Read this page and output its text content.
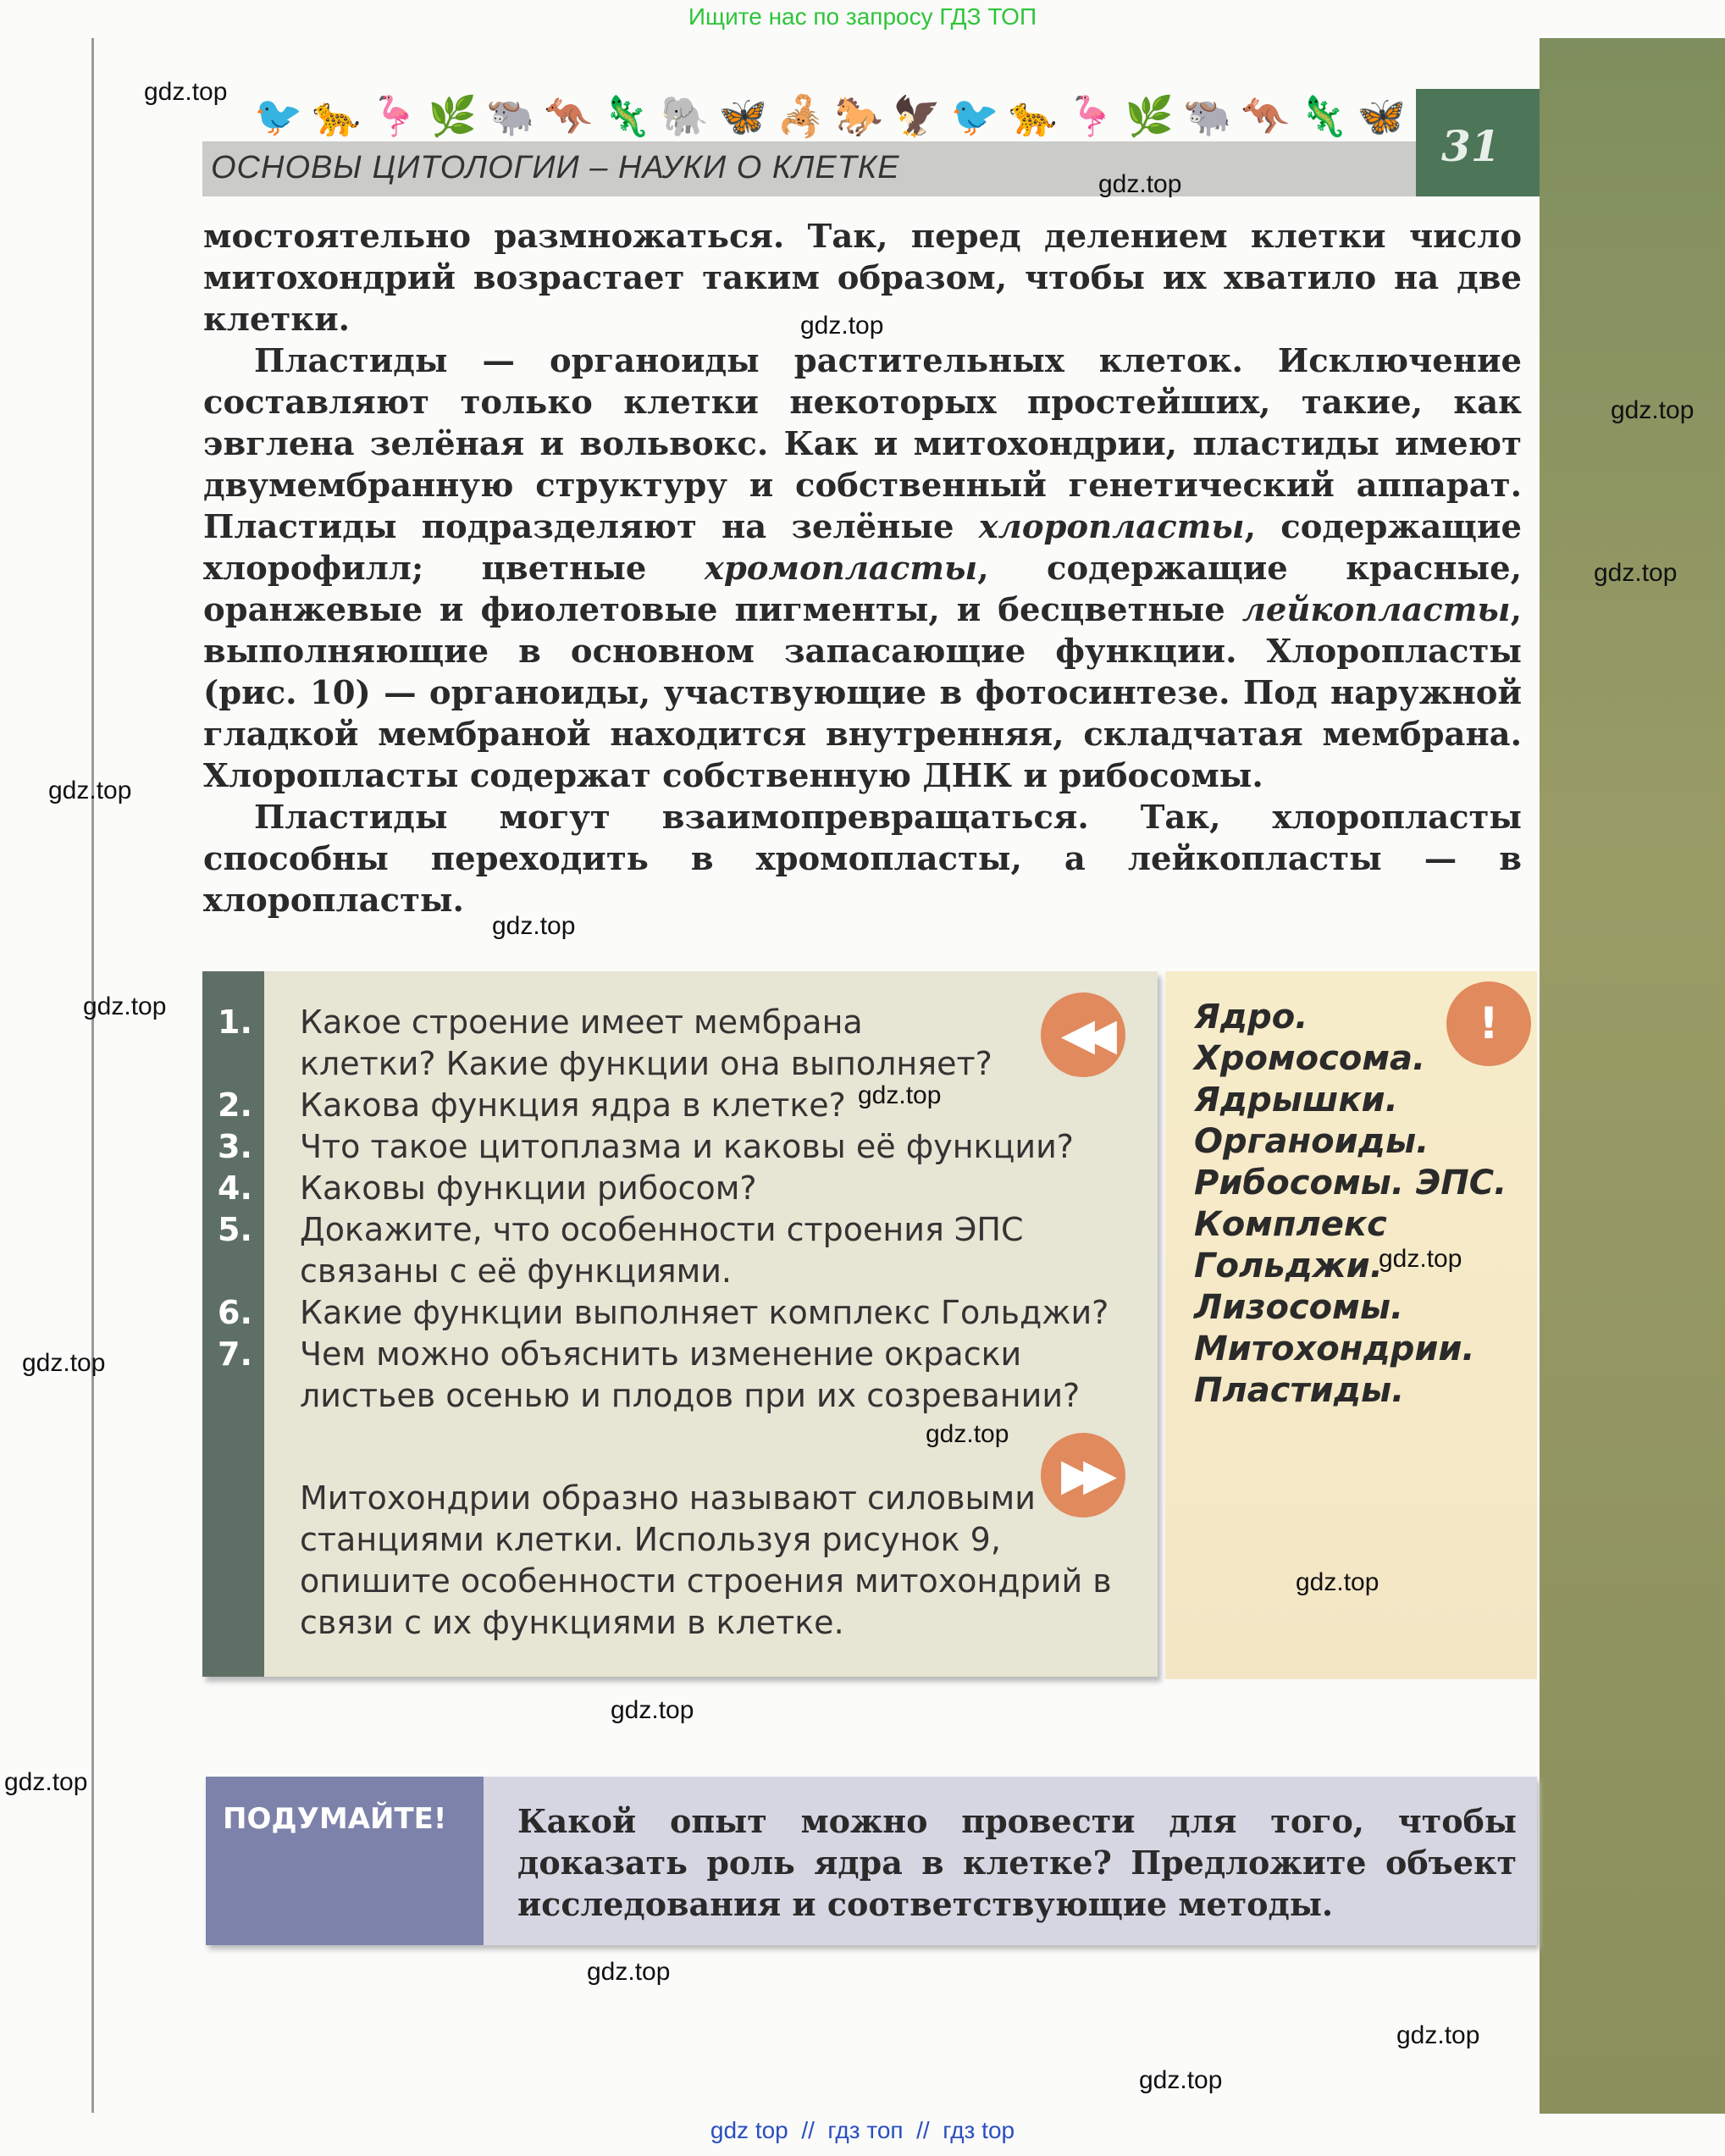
Ищите нас по запросу ГДЗ ТОП
🐦 🐆 🦩 🌿 🐃 🦘 🦎 🐘 🦋 🦂 🐎 🦅 🐦 🐆 🦩 🌿 🐃 🦘 🦎 🦋
ОСНОВЫ ЦИТОЛОГИИ – НАУКИ О КЛЕТКЕ	31

мостоятельно размножаться. Так, перед делением клетки число митохондрий возрастает таким образом, чтобы их хватило на две клетки.

Пластиды — органоиды растительных клеток. Исключение составляют только клетки некоторых простейших, такие, как эвглена зелёная и вольвокс. Как и митохондрии, пластиды имеют двумембранную структуру и собственный генетический аппарат. Пластиды подразделяют на зелёные хлоропласты, содержащие хлорофилл; цветные хромопласты, содержащие красные, оранжевые и фиолетовые пигменты, и бесцветные лейкопласты, выполняющие в основном запасающие функции. Хлоропласты (рис. 10) — органоиды, участвующие в фотосинтезе. Под наружной гладкой мембраной находится внутренняя, складчатая мембрана. Хлоропласты содержат собственную ДНК и рибосомы.

Пластиды могут взаимопревращаться. Так, хлоропласты способны переходить в хромопласты, а лейкопласты — в хлоропласты.

1. Какое строение имеет мембрана клетки? Какие функции она выполняет?
2. Какова функция ядра в клетке?
3. Что такое цитоплазма и каковы её функции?
4. Каковы функции рибосом?
5. Докажите, что особенности строения ЭПС связаны с её функциями.
6. Какие функции выполняет комплекс Гольджи?
7. Чем можно объяснить изменение окраски листьев осенью и плодов при их созревании?
Митохондрии образно называют силовыми станциями клетки. Используя рисунок 9, опишите особенности строения митохондрий в связи с их функциями в клетке.
◀◀
▶▶
!
Ядро.
Хромосома.
Ядрышки.
Органоиды.
Рибосомы. ЭПС.
Комплекс
Гольджи.
Лизосомы.
Митохондрии.
Пластиды.
ПОДУМАЙТЕ!	Какой опыт можно провести для того, чтобы доказать роль ядра в клетке? Предложите объект исследования и соответствующие методы.
gdz.top
gdz.top
gdz.top
gdz.top
gdz.top
gdz.top
gdz.top
gdz.top
gdz.top
gdz.top
gdz.top
gdz.top
gdz.top
gdz.top
gdz.top
gdz.top
gdz.top
gdz.top
gdz top  //  гдз топ  //  гдз top
